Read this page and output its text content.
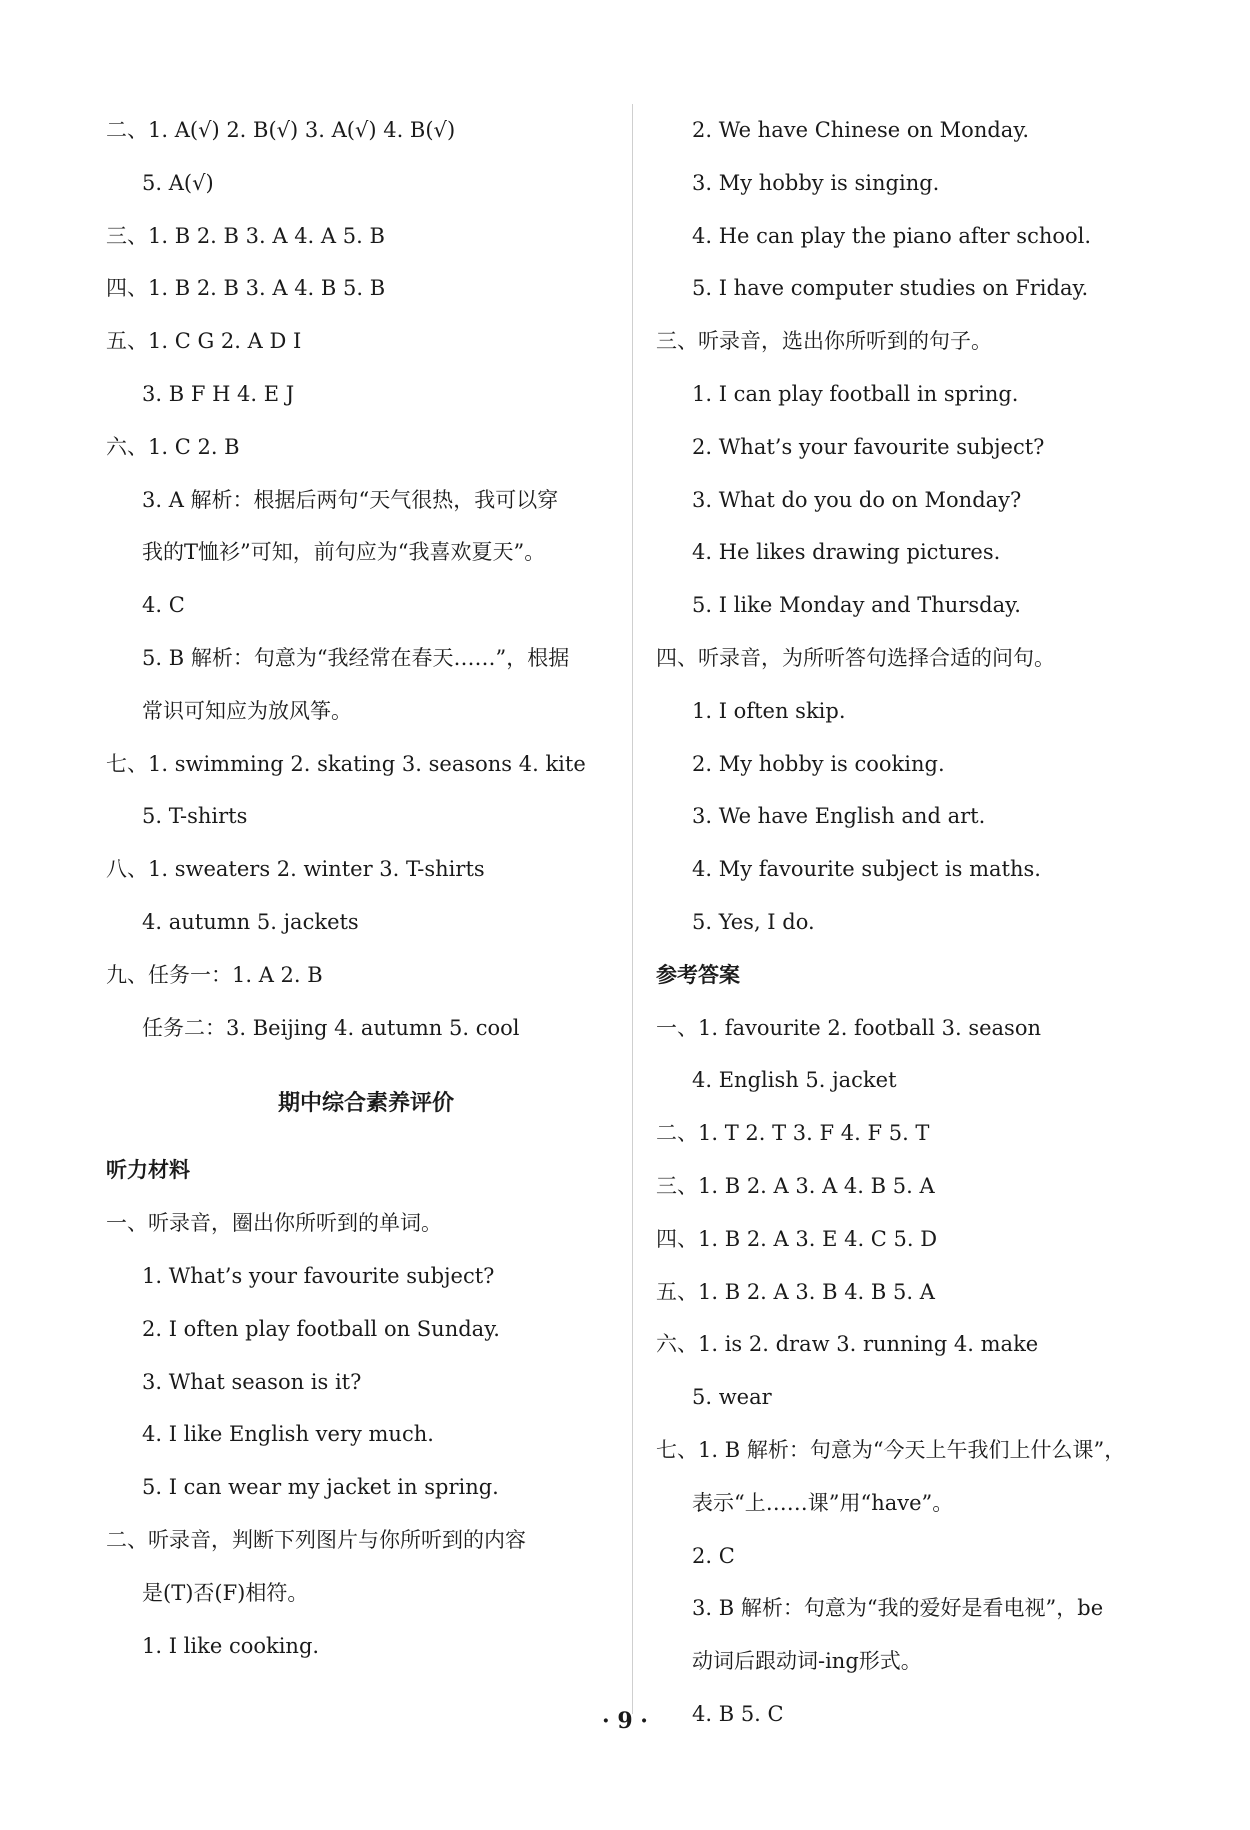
二、1. A(√) 2. B(√) 3. A(√) 4. B(√)
5. A(√)
三、1. B 2. B 3. A 4. A 5. B
四、1. B 2. B 3. A 4. B 5. B
五、1. C G 2. A D I
3. B F H 4. E J
六、1. C 2. B
3. A 解析：根据后两句“天气很热，我可以穿
我的T恤衫”可知，前句应为“我喜欢夏天”。
4. C
5. B 解析：句意为“我经常在春天……”，根据
常识可知应为放风筝。
七、1. swimming 2. skating 3. seasons 4. kite
5. T-shirts
八、1. sweaters 2. winter 3. T-shirts
4. autumn 5. jackets
九、任务一：1. A 2. B
任务二：3. Beijing 4. autumn 5. cool
期中综合素养评价
听力材料
一、听录音，圈出你所听到的单词。
1. What’s your favourite subject?
2. I often play football on Sunday.
3. What season is it?
4. I like English very much.
5. I can wear my jacket in spring.
二、听录音，判断下列图片与你所听到的内容
是(T)否(F)相符。
1. I like cooking.
2. We have Chinese on Monday.
3. My hobby is singing.
4. He can play the piano after school.
5. I have computer studies on Friday.
三、听录音，选出你所听到的句子。
1. I can play football in spring.
2. What’s your favourite subject?
3. What do you do on Monday?
4. He likes drawing pictures.
5. I like Monday and Thursday.
四、听录音，为所听答句选择合适的问句。
1. I often skip.
2. My hobby is cooking.
3. We have English and art.
4. My favourite subject is maths.
5. Yes, I do.
参考答案
一、1. favourite 2. football 3. season
4. English 5. jacket
二、1. T 2. T 3. F 4. F 5. T
三、1. B 2. A 3. A 4. B 5. A
四、1. B 2. A 3. E 4. C 5. D
五、1. B 2. A 3. B 4. B 5. A
六、1. is 2. draw 3. running 4. make
5. wear
七、1. B 解析：句意为“今天上午我们上什么课”，
表示“上……课”用“have”。
2. C
3. B 解析：句意为“我的爱好是看电视”，be
动词后跟动词-ing形式。
4. B 5. C
· 9 ·
